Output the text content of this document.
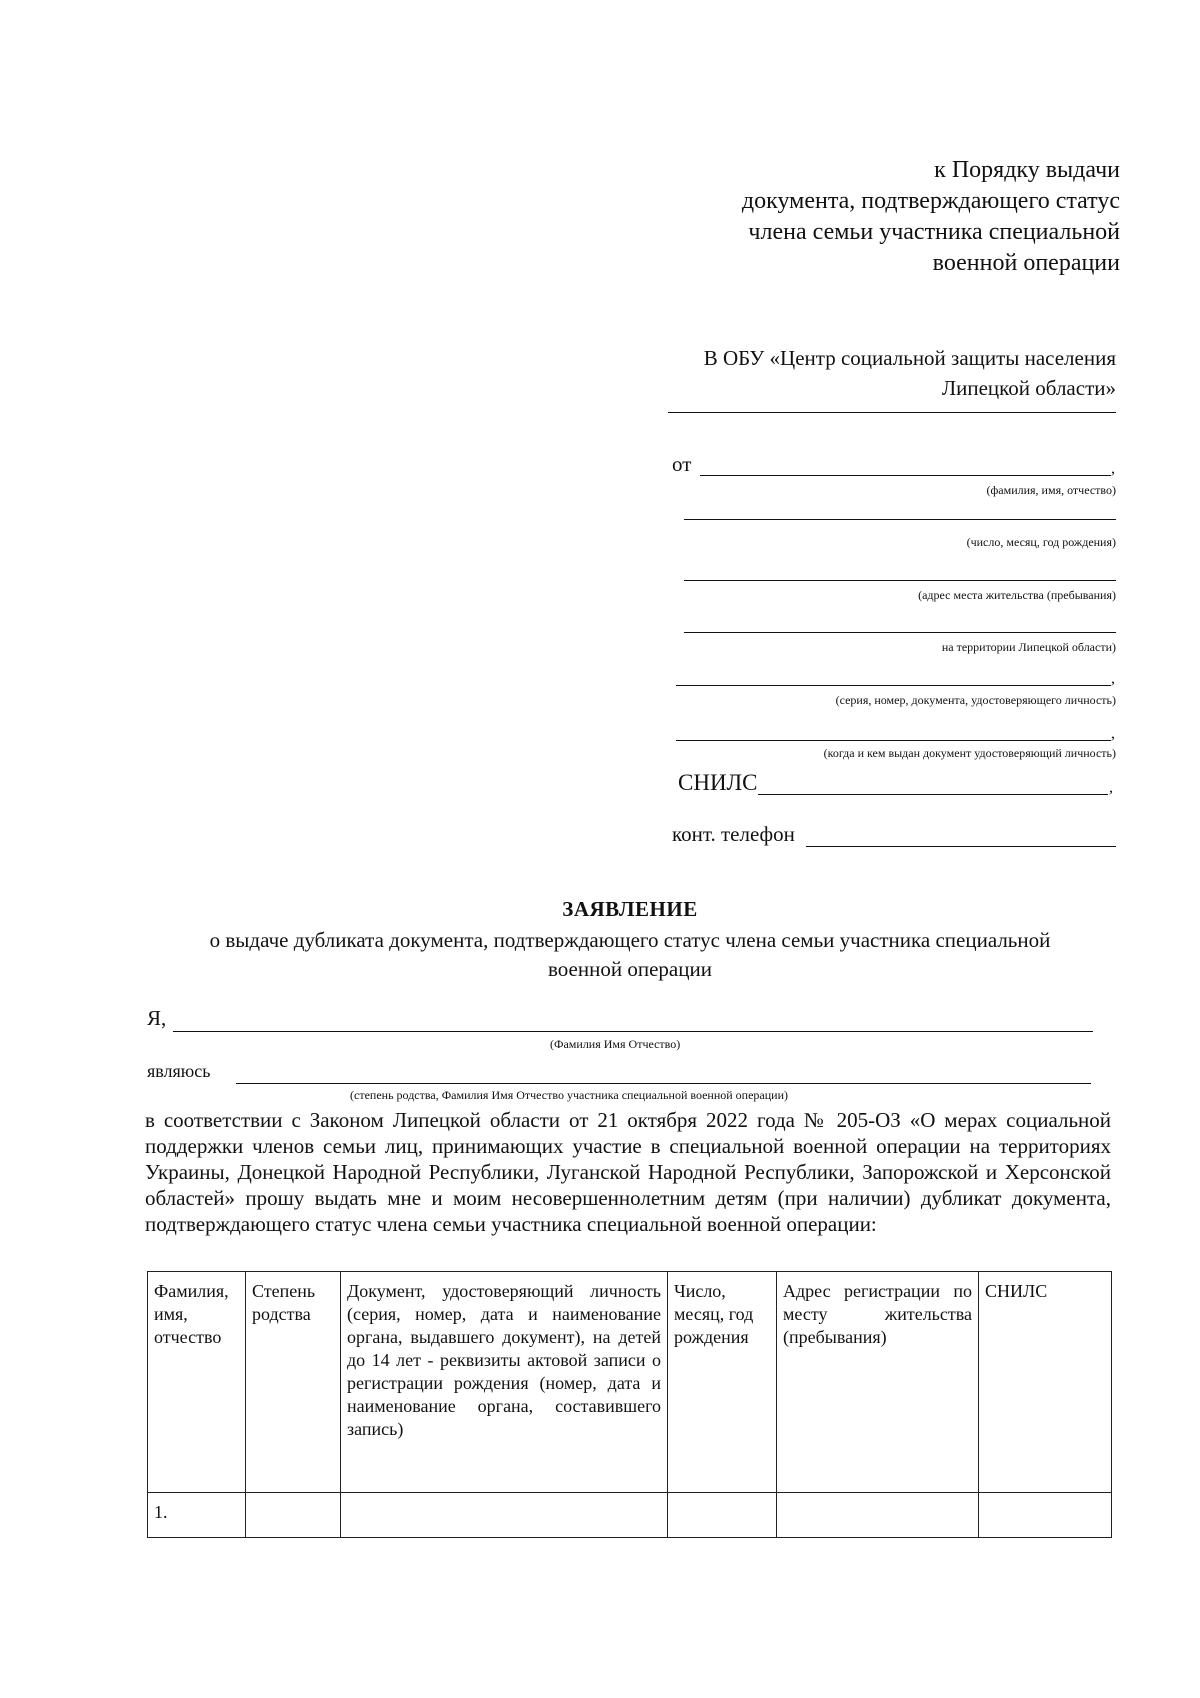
к Порядку выдачи
документа, подтверждающего статус
члена семьи участника специальной
военной операции
В ОБУ «Центр социальной защиты населения
Липецкой области»
от	,
(фамилия, имя, отчество)
(число, месяц, год рождения)
(адрес места жительства (пребывания)
на территории Липецкой области)
,
(серия, номер, документа, удостоверяющего личность)
,
(когда и кем выдан документ удостоверяющий личность)
СНИЛС	,
конт. телефон
ЗАЯВЛЕНИЕ
о выдаче дубликата документа, подтверждающего статус члена семьи участника специальной военной операции
Я,
(Фамилия Имя Отчество)
являюсь
(степень родства, Фамилия Имя Отчество участника специальной военной операции)
в соответствии с Законом Липецкой области от 21 октября 2022 года № 205-ОЗ «О мерах социальной поддержки членов семьи лиц, принимающих участие в специальной военной операции на территориях Украины, Донецкой Народной Республики, Луганской Народной Республики, Запорожской и Херсонской областей» прошу выдать мне и моим несовершеннолетним детям (при наличии) дубликат документа, подтверждающего статус члена семьи участника специальной военной операции:
Фамилия, имя, отчество	Степень родства	Документ, удостоверяющий личность (серия, номер, дата и наименование органа, выдавшего документ), на детей до 14 лет - реквизиты актовой записи о регистрации рождения (номер, дата и наименование органа, составившего запись)	Число, месяц, год рождения	Адрес регистрации по месту жительства (пребывания)	СНИЛС
1.					
